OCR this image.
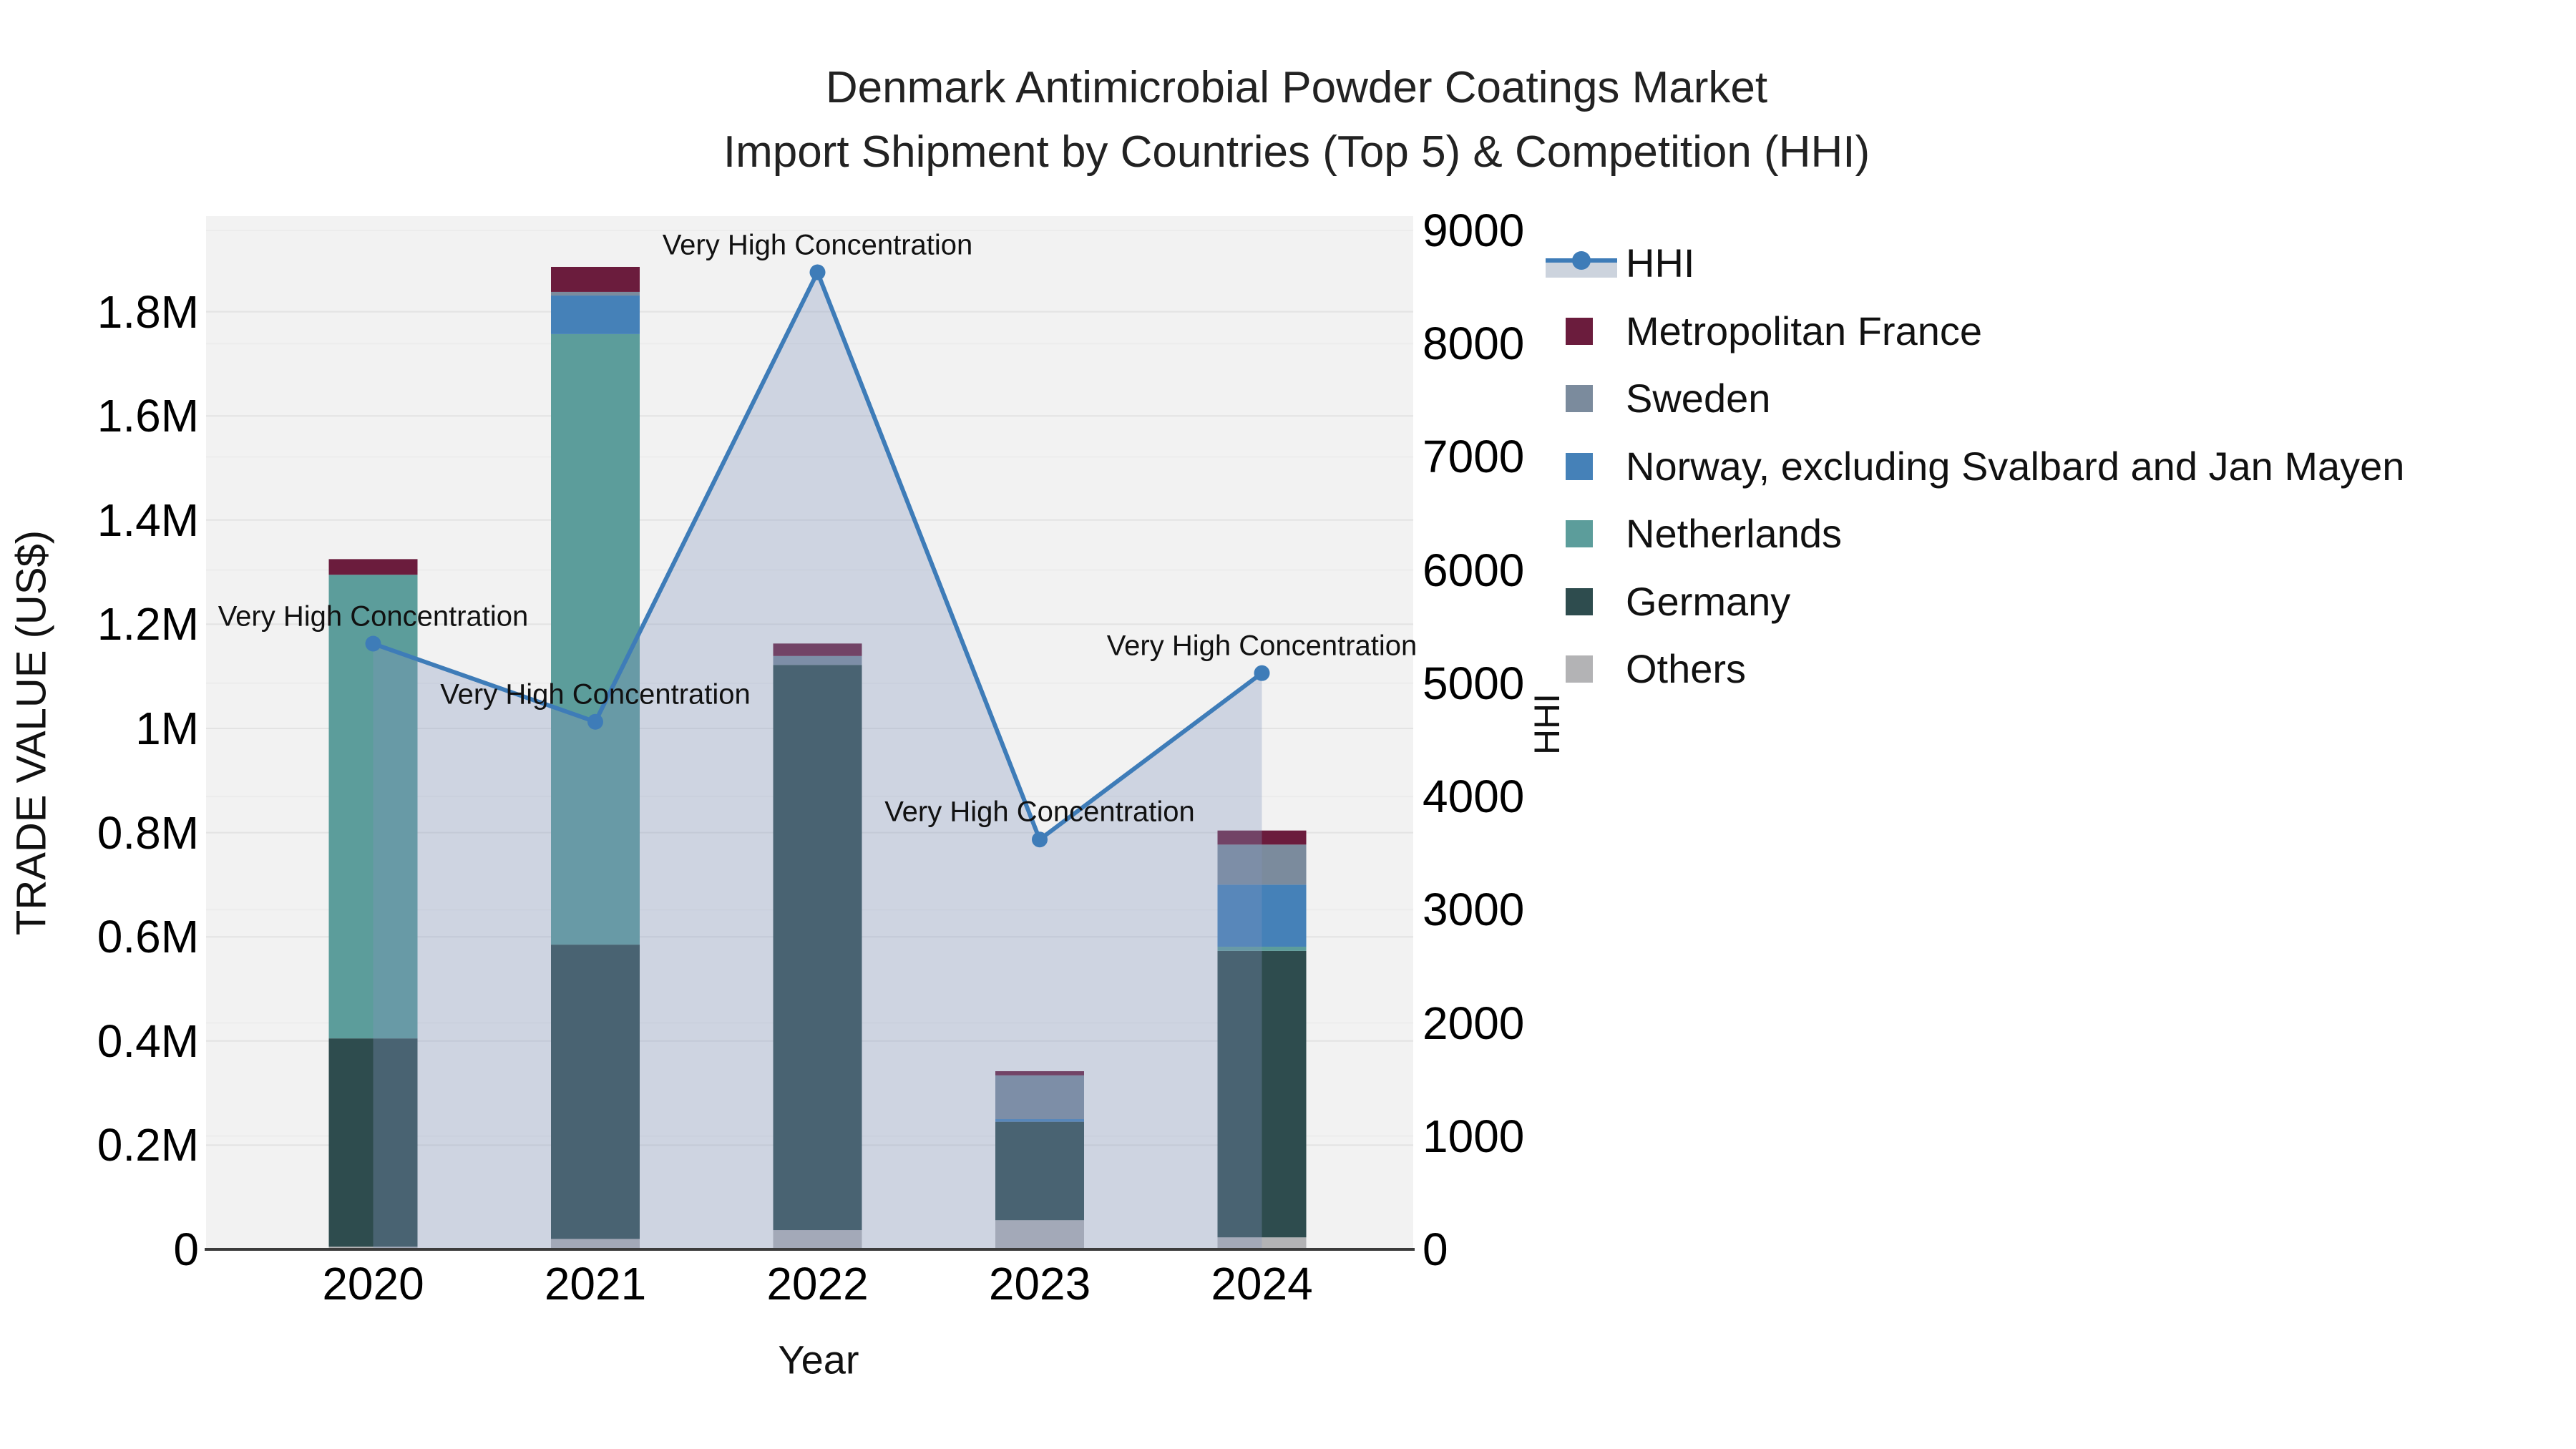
Denmark Antimicrobial Powder Coatings Market
Import Shipment by Countries (Top 5) & Competition (HHI)
0
0.2M
0.4M
0.6M
0.8M
1M
1.2M
1.4M
1.6M
1.8M
0
1000
2000
3000
4000
5000
6000
7000
8000
9000
2020	2021	2022	2023	2024
Very High Concentration
Very High Concentration
Very High Concentration
Very High Concentration
Very High Concentration
TRADE VALUE (US$)	HHI
Year
HHI
Metropolitan France
Sweden
Norway, excluding Svalbard and Jan Mayen
Netherlands
Germany
Others
